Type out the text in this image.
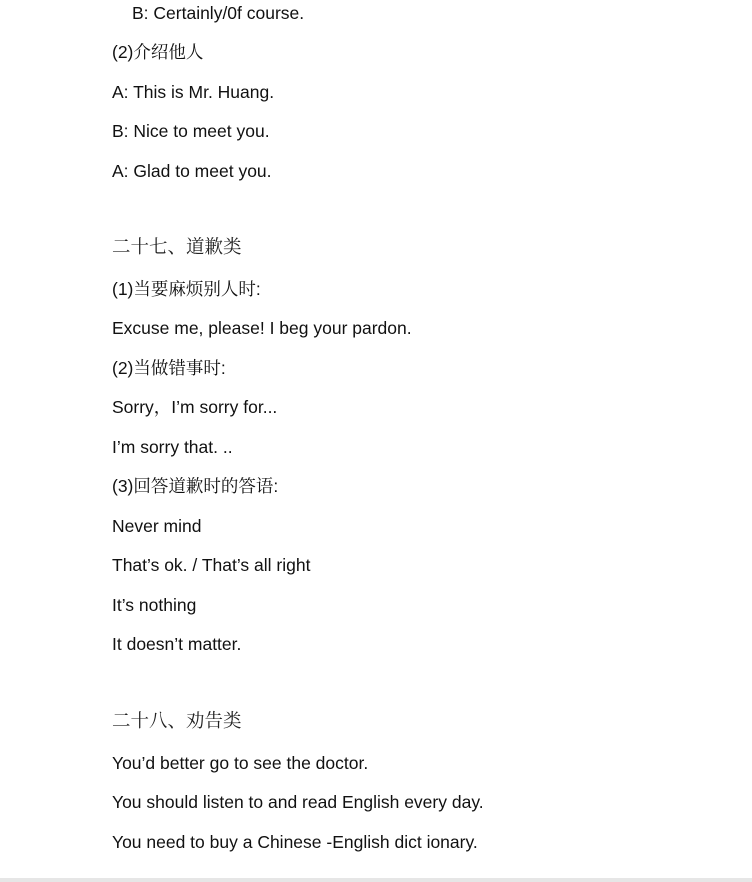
B: Certainly/0f course.
(2)介绍他人
A: This is Mr. Huang.
B: Nice to meet you.
A: Glad to meet you.
二十七、道歉类
(1)当要麻烦别人时:
Excuse me, please! I beg your pardon.
(2)当做错事时:
Sorry，I’m sorry for...
I’m sorry that. ..
(3)回答道歉时的答语:
Never mind
That’s ok. / That’s all right
It’s nothing
It doesn’t matter.
二十八、劝告类
You’d better go to see the doctor.
You should listen to and read English every day.
You need to buy a Chinese -English dict ionary.
